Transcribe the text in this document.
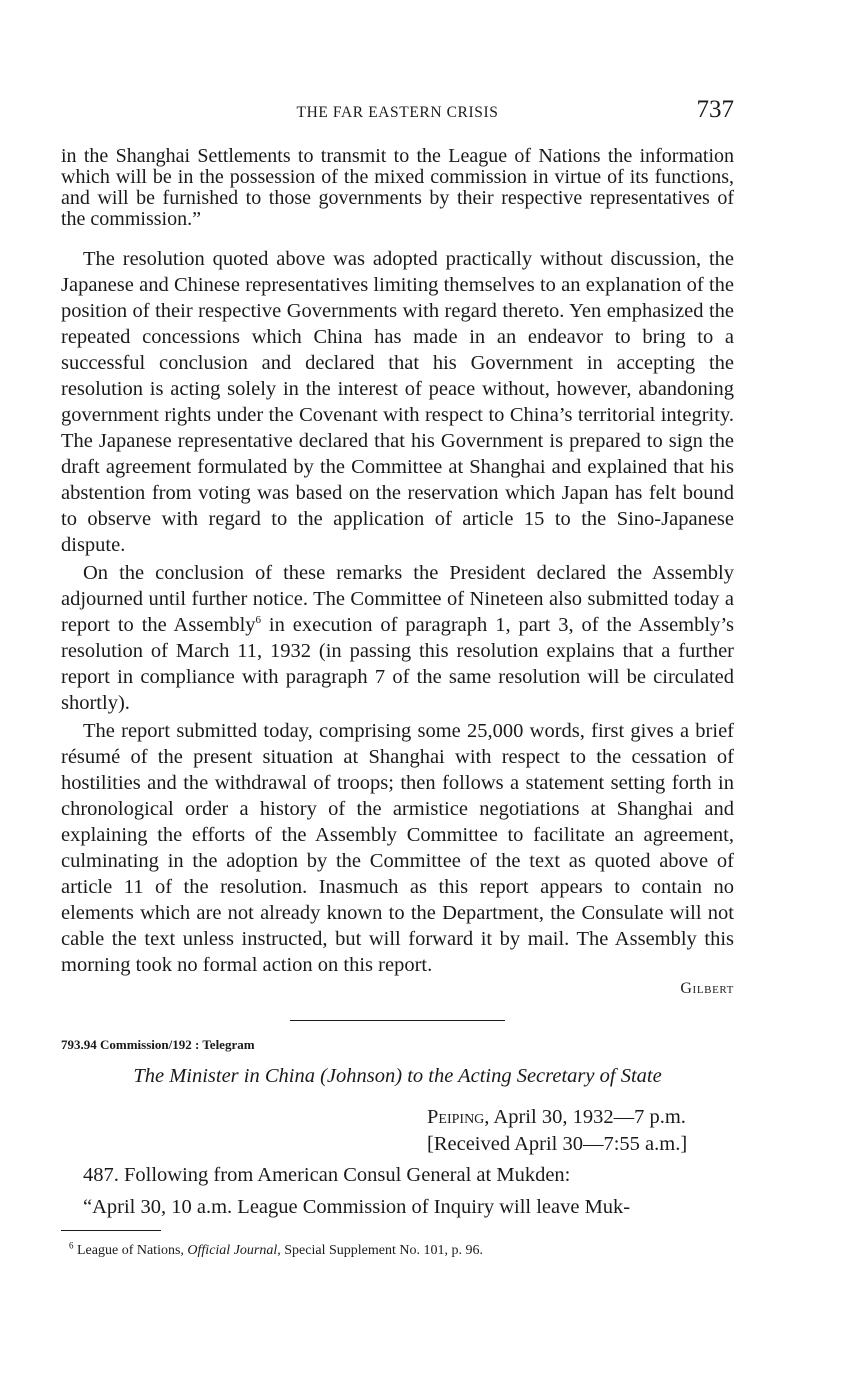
THE FAR EASTERN CRISIS	737

in the Shanghai Settlements to transmit to the League of Nations the information which will be in the possession of the mixed commission in virtue of its functions, and will be furnished to those governments by their respective representatives of the commission.”

The resolution quoted above was adopted practically without discussion, the Japanese and Chinese representatives limiting themselves to an explanation of the position of their respective Governments with regard thereto. Yen emphasized the repeated concessions which China has made in an endeavor to bring to a successful conclusion and declared that his Government in accepting the resolution is acting solely in the interest of peace without, however, abandoning government rights under the Covenant with respect to China’s territorial integrity. The Japanese representative declared that his Government is prepared to sign the draft agreement formulated by the Committee at Shanghai and explained that his abstention from voting was based on the reservation which Japan has felt bound to observe with regard to the application of article 15 to the Sino-Japanese dispute.

On the conclusion of these remarks the President declared the Assembly adjourned until further notice. The Committee of Nineteen also submitted today a report to the Assembly$^6$ in execution of paragraph 1, part 3, of the Assembly’s resolution of March 11, 1932 (in passing this resolution explains that a further report in compliance with paragraph 7 of the same resolution will be circulated shortly).

The report submitted today, comprising some 25,000 words, first gives a brief résumé of the present situation at Shanghai with respect to the cessation of hostilities and the withdrawal of troops; then follows a statement setting forth in chronological order a history of the armistice negotiations at Shanghai and explaining the efforts of the Assembly Committee to facilitate an agreement, culminating in the adoption by the Committee of the text as quoted above of article 11 of the resolution. Inasmuch as this report appears to contain no elements which are not already known to the Department, the Consulate will not cable the text unless instructed, but will forward it by mail. The Assembly this morning took no formal action on this report.

Gilbert
793.94 Commission/192 : Telegram
The Minister in China (Johnson) to the Acting Secretary of State
Peiping, April 30, 1932—7 p.m.
[Received April 30—7:55 a.m.]

487. Following from American Consul General at Mukden:

“April 30, 10 a.m. League Commission of Inquiry will leave Muk-

$^6$ League of Nations, Official Journal, Special Supplement No. 101, p. 96.
